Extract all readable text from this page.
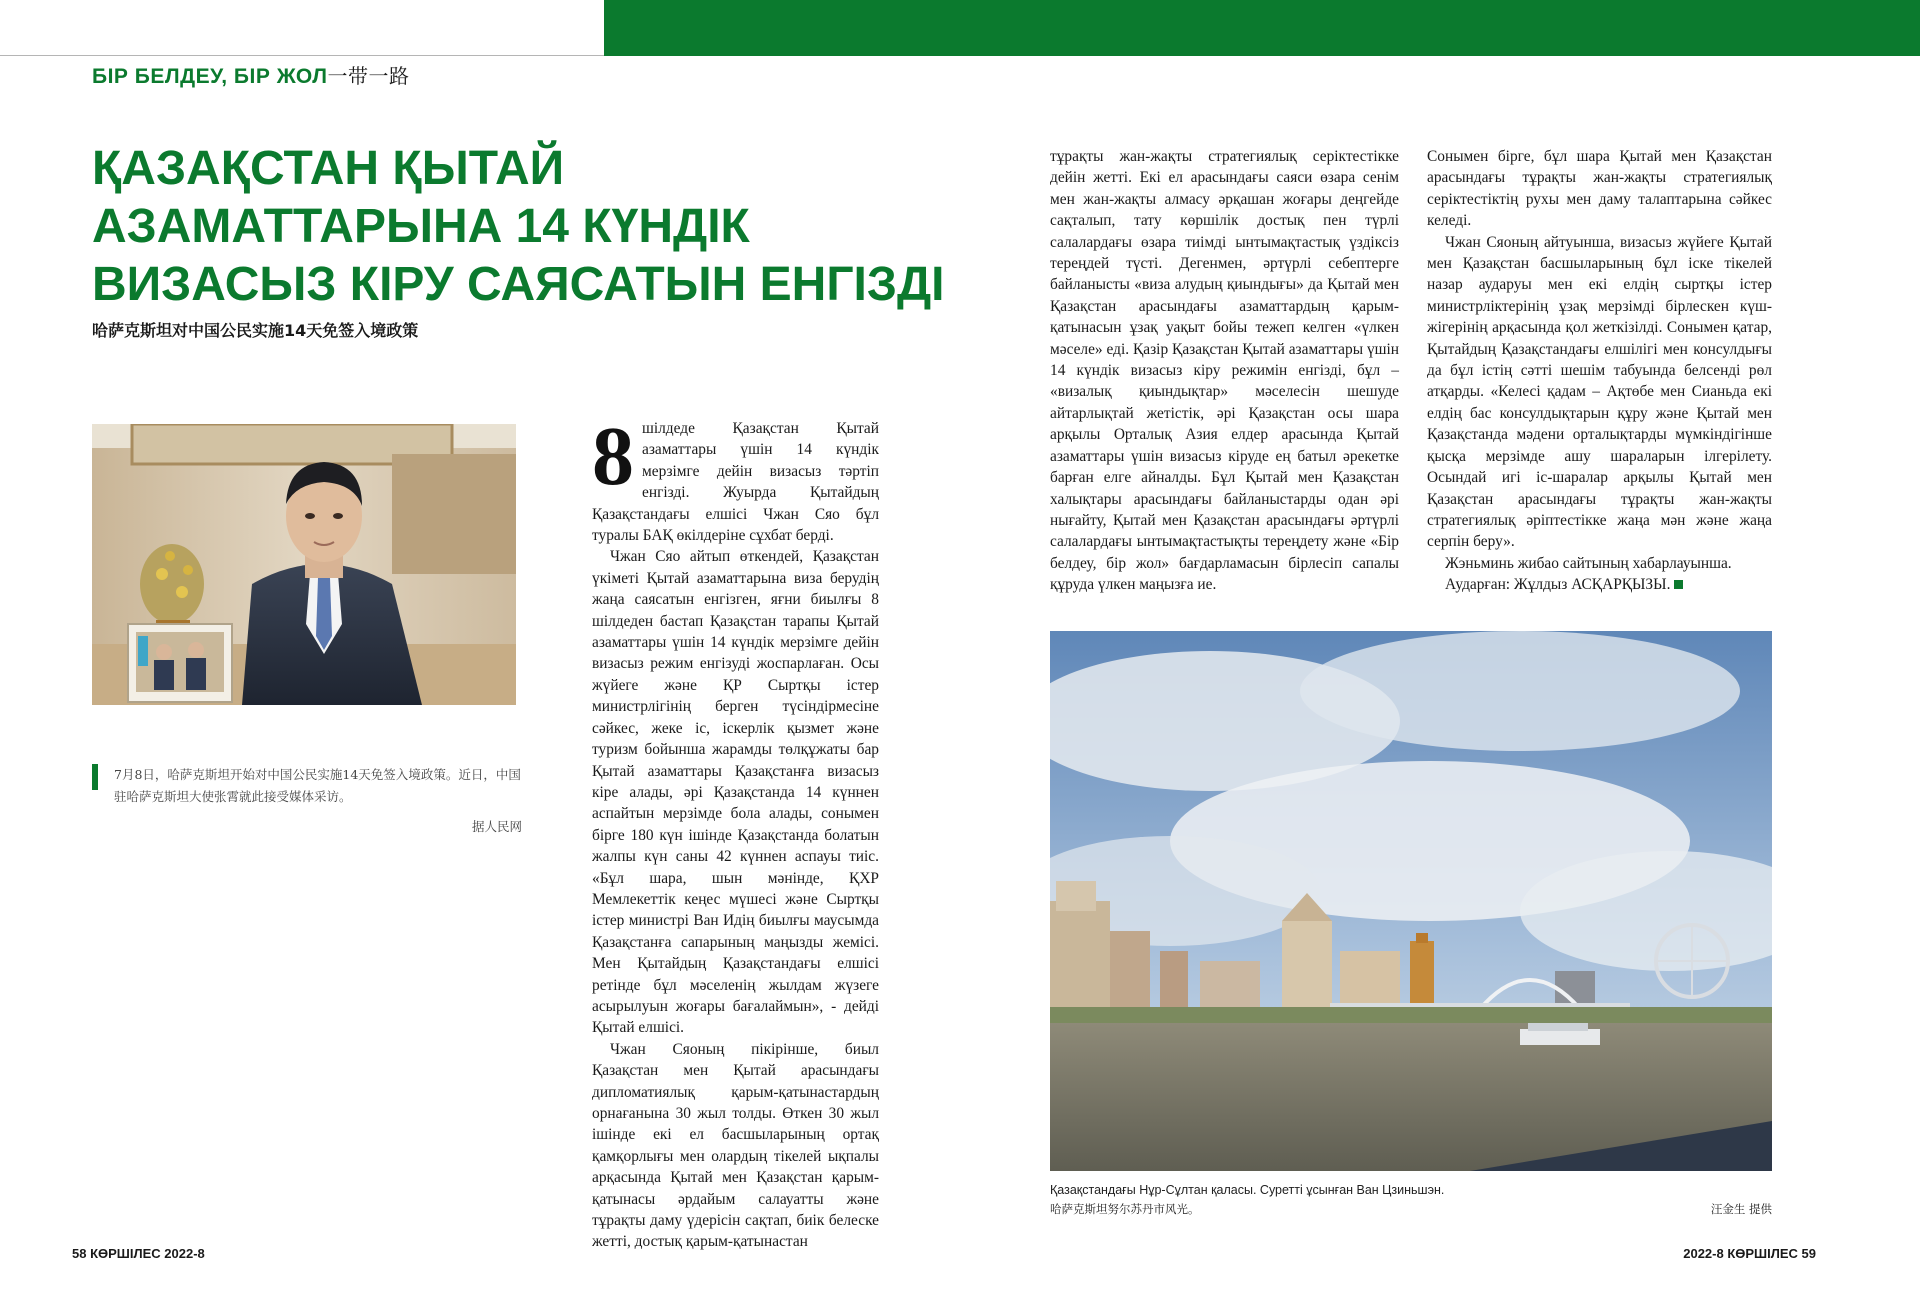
БІР БЕЛДЕУ, БІР ЖОЛ一带一路
ҚАЗАҚСТАН ҚЫТАЙ
АЗАМАТТАРЫНА 14 КҮНДІК
ВИЗАСЫЗ КІРУ САЯСАТЫН ЕНГІЗДІ
哈萨克斯坦对中国公民实施14天免签入境政策
7月8日，哈萨克斯坦开始对中国公民实施14天免签入境政策。近日，中国驻哈萨克斯坦大使张霄就此接受媒体采访。
据人民网

8 шілдеде Қазақстан Қытай азаматтары үшін 14 күндік мерзімге дейін визасыз тәртіп енгізді. Жуырда Қытайдың Қазақстандағы елшісі Чжан Сяо бұл туралы БАҚ өкілдеріне сұхбат берді.

Чжан Сяо айтып өткендей, Қазақстан үкіметі Қытай азаматтарына виза берудің жаңа саясатын енгізген, яғни биылғы 8 шілдеден бастап Қазақстан тарапы Қытай азаматтары үшін 14 күндік мерзімге дейін визасыз режим енгізуді жоспарлаған. Осы жүйеге және ҚР Сыртқы істер министрлігінің берген түсіндірмесіне сәйкес, жеке іс, іскерлік қызмет және туризм бойынша жарамды төлқұжаты бар Қытай азаматтары Қазақстанға визасыз кіре алады, әрі Қазақстанда 14 күннен аспайтын мерзімде бола алады, сонымен бірге 180 күн ішінде Қазақстанда болатын жалпы күн саны 42 күннен аспауы тиіс. «Бұл шара, шын мәнінде, ҚХР Мемлекеттік кеңес мүшесі және Сыртқы істер министрі Ван Идің биылғы маусымда Қазақстанға сапарының маңызды жемісі. Мен Қытайдың Қазақстандағы елшісі ретінде бұл мәселенің жылдам жүзеге асырылуын жоғары бағалаймын», - дейді Қытай елшісі.

Чжан Сяоның пікірінше, биыл Қазақстан мен Қытай арасындағы дипломатиялық қарым-қатынастардың орнағанына 30 жыл толды. Өткен 30 жыл ішінде екі ел басшыларының ортақ қамқорлығы мен олардың тікелей ықпалы арқасында Қытай мен Қазақстан қарым-қатынасы әрдайым салауатты және тұрақты даму үдерісін сақтап, биік белеске жетті, достық қарым-қатынастан

тұрақты жан-жақты стратегиялық серіктестікке дейін жетті. Екі ел арасындағы саяси өзара сенім мен жан-жақты алмасу әрқашан жоғары деңгейде сақталып, тату көршілік достық пен түрлі салалардағы өзара тиімді ынтымақтастық үздіксіз тереңдей түсті. Дегенмен, әртүрлі себептерге байланысты «виза алудың қиындығы» да Қытай мен Қазақстан арасындағы азаматтардың қарым-қатынасын ұзақ уақыт бойы тежеп келген «үлкен мәселе» еді. Қазір Қазақстан Қытай азаматтары үшін 14 күндік визасыз кіру режимін енгізді, бұл – «визалық қиындықтар» мәселесін шешуде айтарлықтай жетістік, әрі Қазақстан осы шара арқылы Орталық Азия елдер арасында Қытай азаматтары үшін визасыз кіруде ең батыл әрекетке барған елге айналды. Бұл Қытай мен Қазақстан халықтары арасындағы байланыстарды одан әрі нығайту, Қытай мен Қазақстан арасындағы әртүрлі салалардағы ынтымақтастықты тереңдету және «Бір белдеу, бір жол» бағдарламасын бірлесіп сапалы құруда үлкен маңызға ие.

Сонымен бірге, бұл шара Қытай мен Қазақстан арасындағы тұрақты жан-жақты стратегиялық серіктестіктің рухы мен даму талаптарына сәйкес келеді.

Чжан Сяоның айтуынша, визасыз жүйеге Қытай мен Қазақстан басшыларының бұл іске тікелей назар аударуы мен екі елдің сыртқы істер министрліктерінің ұзақ мерзімді бірлескен күш-жігерінің арқасында қол жеткізілді. Сонымен қатар, Қытайдың Қазақстандағы елшілігі мен консулдығы да бұл істің сәтті шешім табуында белсенді рөл атқарды. «Келесі қадам – Ақтөбе мен Сианьда екі елдің бас консулдықтарын құру және Қытай мен Қазақстанда мәдени орталықтарды мүмкіндігінше қысқа мерзімде ашу шараларын ілгерілету. Осындай игі іс-шаралар арқылы Қытай мен Қазақстан арасындағы тұрақты жан-жақты стратегиялық әріптестікке жаңа мән және жаңа серпін беру».

Жэньминь жибао сайтының хабарлауынша.

Аударған: Жұлдыз АСҚАРҚЫЗЫ.

Қазақстандағы Нұр-Сұлтан қаласы. Суретті ұсынған Ван Цзиньшэн.
哈萨克斯坦努尔苏丹市风光。	汪金生 提供
58 КӨРШІЛЕС 2022-8	2022-8 КӨРШІЛЕС 59
